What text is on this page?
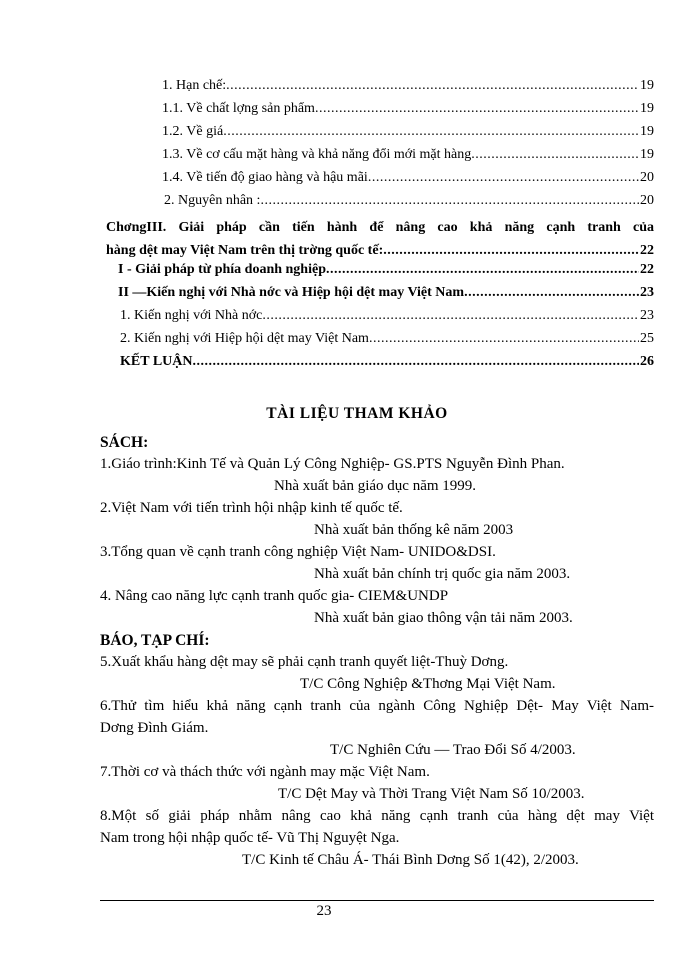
1. Hạn chế: .....	19
1.1. Về chất lợng sản phẩm .....	19
1.2. Về giá .....	19
1.3. Về cơ cấu mặt hàng và khả năng đổi mới mặt hàng .....	19
1.4. Về tiến độ giao hàng và hậu mãi .....	20
2. Nguyên nhân : .....	20
ChơngIII. Giải pháp cần tiến hành để nâng cao khả năng cạnh tranh của
hàng dệt may Việt Nam trên thị trờng quốc tế: .....	22
I - Giải pháp từ phía doanh nghiệp .....	22
II —Kiến nghị với Nhà nớc và Hiệp hội dệt may Việt Nam .....	23
1. Kiến nghị với Nhà nớc .....	23
2. Kiến nghị với Hiệp hội dệt may Việt Nam .....	25
KẾT LUẬN .....	26
TÀI LIỆU THAM KHẢO
SÁCH:
1.Giáo trình:Kinh Tế và Quản Lý Công Nghiệp- GS.PTS Nguyễn Đình Phan.
Nhà xuất bản giáo dục năm 1999.
2.Việt Nam với tiến trình hội nhập kinh tế quốc tế.
Nhà xuất bản thống kê năm 2003
3.Tổng quan về cạnh tranh công nghiệp Việt Nam- UNIDO&DSI.
Nhà xuất bản chính trị quốc gia năm 2003.
4. Nâng cao năng lực cạnh tranh quốc gia- CIEM&UNDP
Nhà xuất bản giao thông vận tải năm 2003.
BÁO, TẠP CHÍ:
5.Xuất khẩu hàng dệt may sẽ phải cạnh tranh quyết liệt-Thuỳ Dơng.
T/C Công Nghiệp &Thơng Mại Việt Nam.
6.Thử tìm hiểu khả năng cạnh tranh của ngành Công Nghiệp Dệt- May Việt Nam-
Dơng Đình Giám.
T/C Nghiên Cứu — Trao Đổi Số 4/2003.
7.Thời cơ và thách thức với ngành may mặc Việt Nam.
T/C Dệt May và Thời Trang Việt Nam Số 10/2003.
8.Một số giải pháp nhằm nâng cao khả năng cạnh tranh của hàng dệt may Việt
Nam trong hội nhập quốc tế- Vũ Thị Nguyệt Nga.
T/C Kinh tế Châu Á- Thái Bình Dơng Số 1(42), 2/2003.
23
